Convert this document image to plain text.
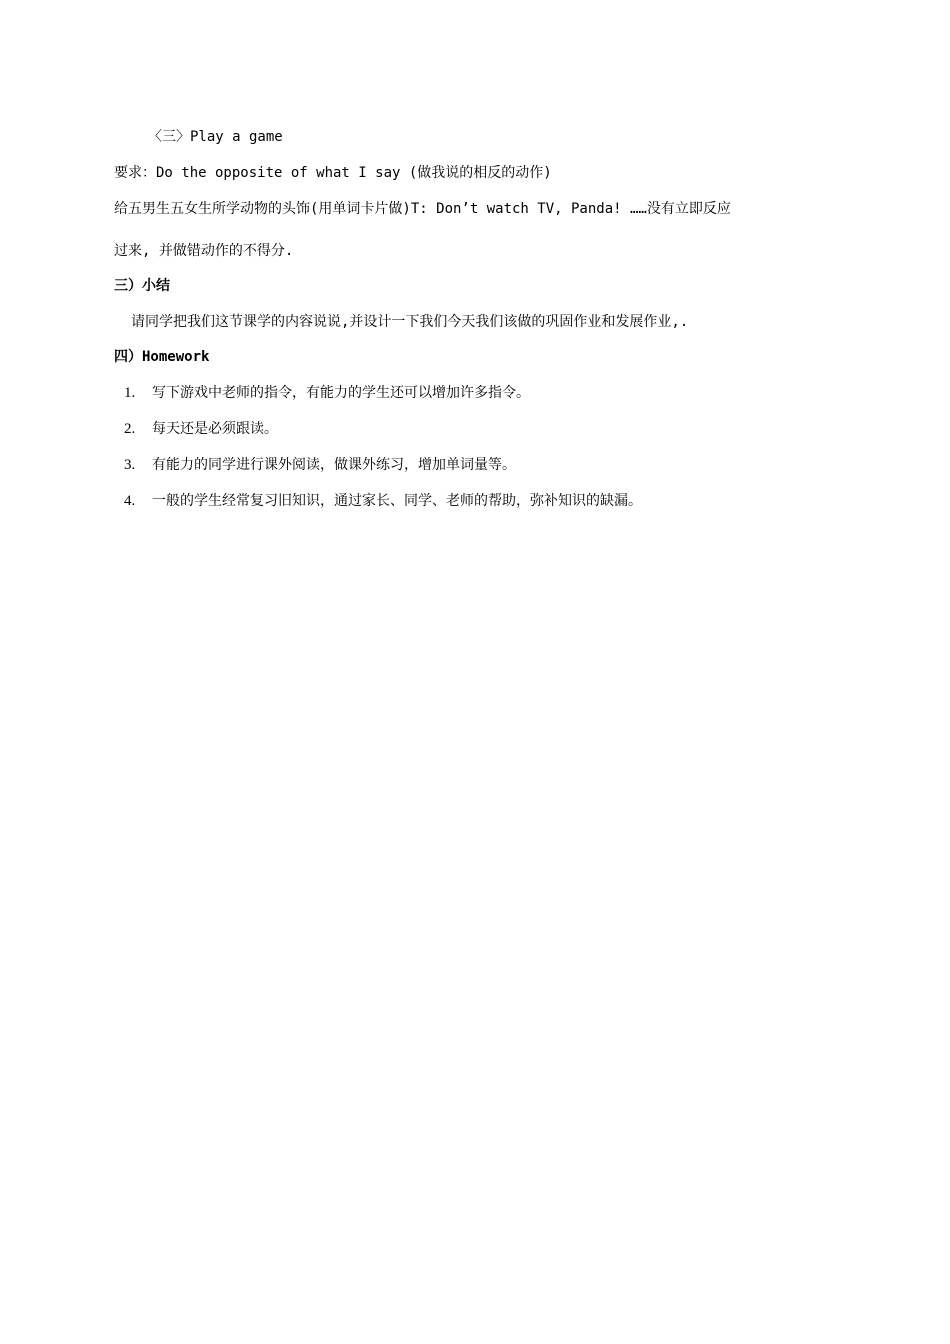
〈三〉Play a game
要求：Do the opposite of what I say (做我说的相反的动作)
给五男生五女生所学动物的头饰(用单词卡片做)T: Don’t watch TV, Panda! ……没有立即反应
过来, 并做错动作的不得分.
三）小结
请同学把我们这节课学的内容说说,并设计一下我们今天我们该做的巩固作业和发展作业,.
四）Homework
1. 写下游戏中老师的指令，有能力的学生还可以增加许多指令。
2. 每天还是必须跟读。
3. 有能力的同学进行课外阅读，做课外练习，增加单词量等。
4. 一般的学生经常复习旧知识，通过家长、同学、老师的帮助，弥补知识的缺漏。
